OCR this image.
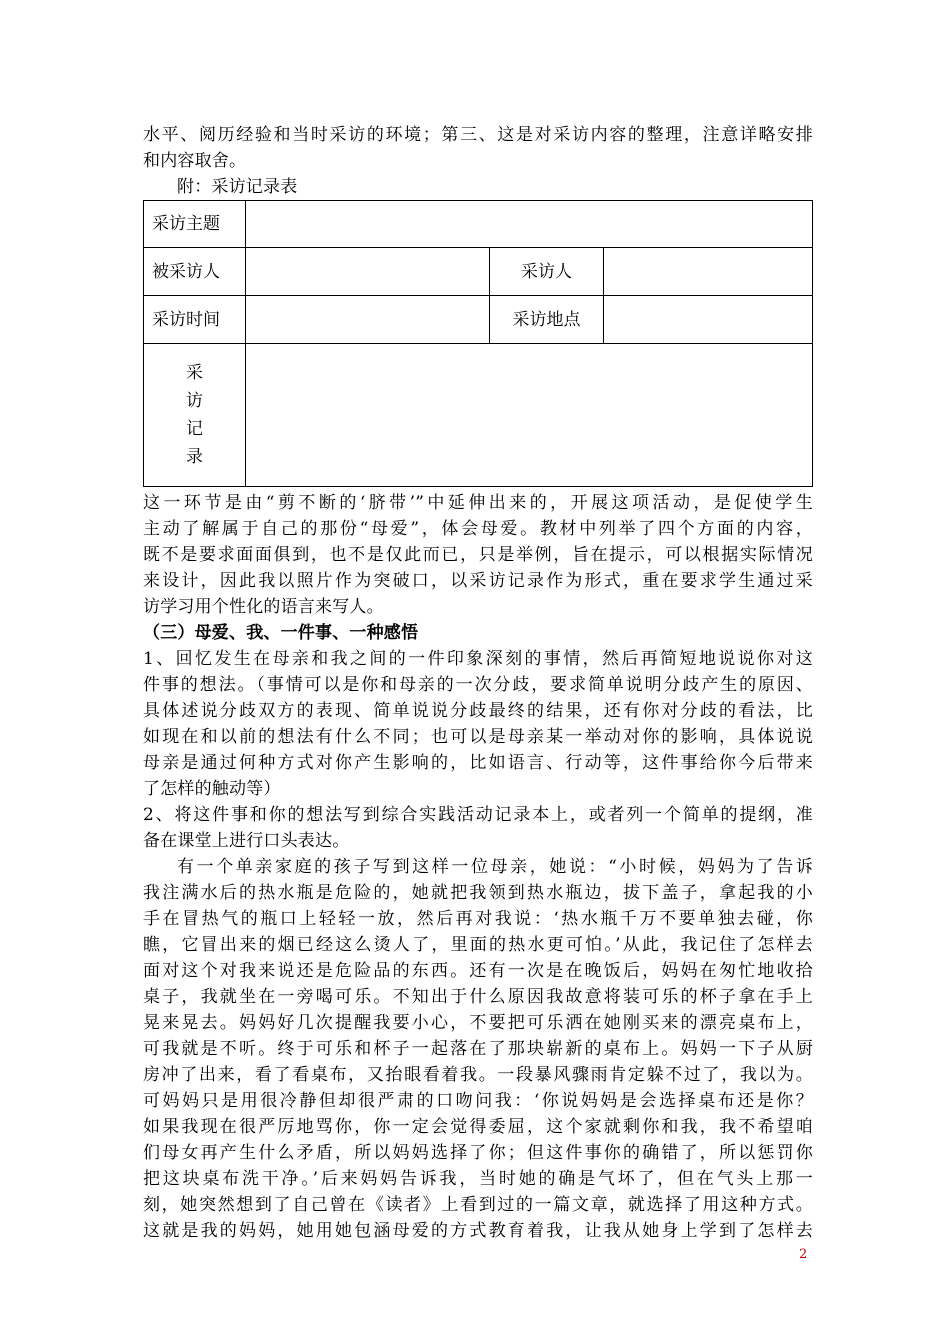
水平、阅历经验和当时采访的环境；第三、这是对采访内容的整理，注意详略安排
和内容取舍。
附：采访记录表
采访主题			
被采访人		采访人	
采访时间		采访地点	

采
访
记
录			

这一环节是由“剪不断的‘脐带’”中延伸出来的，开展这项活动，是促使学生
主动了解属于自己的那份“母爱”，体会母爱。教材中列举了四个方面的内容，
既不是要求面面俱到，也不是仅此而已，只是举例，旨在提示，可以根据实际情况
来设计，因此我以照片作为突破口，以采访记录作为形式，重在要求学生通过采
访学习用个性化的语言来写人。
（三）母爱、我、一件事、一种感悟
1、回忆发生在母亲和我之间的一件印象深刻的事情，然后再简短地说说你对这
件事的想法。（事情可以是你和母亲的一次分歧，要求简单说明分歧产生的原因、
具体述说分歧双方的表现、简单说说分歧最终的结果，还有你对分歧的看法，比
如现在和以前的想法有什么不同；也可以是母亲某一举动对你的影响，具体说说
母亲是通过何种方式对你产生影响的，比如语言、行动等，这件事给你今后带来
了怎样的触动等）
2、将这件事和你的想法写到综合实践活动记录本上，或者列一个简单的提纲，准
备在课堂上进行口头表达。
有一个单亲家庭的孩子写到这样一位母亲，她说：“小时候，妈妈为了告诉
我注满水后的热水瓶是危险的，她就把我领到热水瓶边，拔下盖子，拿起我的小
手在冒热气的瓶口上轻轻一放，然后再对我说：‘热水瓶千万不要单独去碰，你
瞧，它冒出来的烟已经这么烫人了，里面的热水更可怕。’从此，我记住了怎样去
面对这个对我来说还是危险品的东西。还有一次是在晚饭后，妈妈在匆忙地收拾
桌子，我就坐在一旁喝可乐。不知出于什么原因我故意将装可乐的杯子拿在手上
晃来晃去。妈妈好几次提醒我要小心，不要把可乐洒在她刚买来的漂亮桌布上，
可我就是不听。终于可乐和杯子一起落在了那块崭新的桌布上。妈妈一下子从厨
房冲了出来，看了看桌布，又抬眼看着我。一段暴风骤雨肯定躲不过了，我以为。
可妈妈只是用很冷静但却很严肃的口吻问我：‘你说妈妈是会选择桌布还是你？
如果我现在很严厉地骂你，你一定会觉得委屈，这个家就剩你和我，我不希望咱
们母女再产生什么矛盾，所以妈妈选择了你；但这件事你的确错了，所以惩罚你
把这块桌布洗干净。’后来妈妈告诉我，当时她的确是气坏了，但在气头上那一
刻，她突然想到了自己曾在《读者》上看到过的一篇文章，就选择了用这种方式。
这就是我的妈妈，她用她包涵母爱的方式教育着我，让我从她身上学到了怎样去
2
